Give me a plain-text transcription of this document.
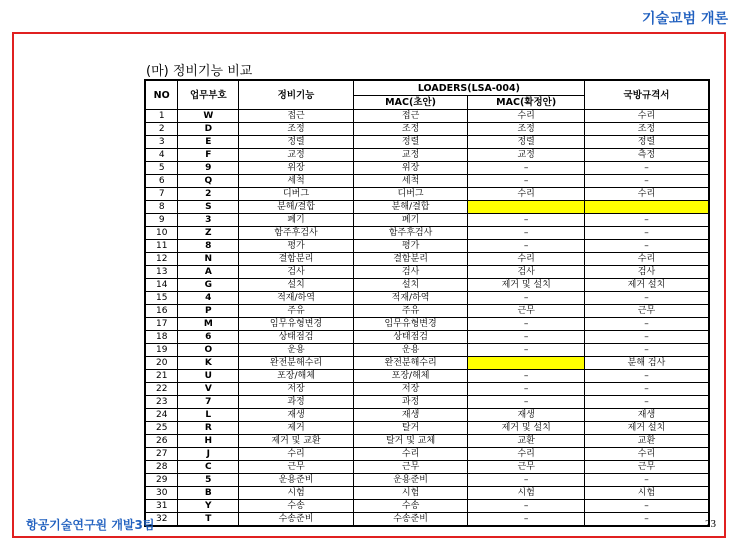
기술교범 개론
(마) 정비기능 비교
NO	업무부호	정비기능	LOADERS(LSA-004)		국방규격서
			MAC(초안)	MAC(확정안)	
1	W	접근	접근	수리	수리
2	D	조정	조정	조정	조정
3	E	정렬	정렬	정렬	정렬
4	F	교정	교정	교정	측정
5	9	위장	위장	–	–
6	Q	세척	세척	–	–
7	2	디버그	디버그	수리	수리
8	S	분해/결합	분해/결합		
9	3	폐기	폐기	–	–
10	Z	함주후검사	함주후검사	–	–
11	8	평가	평가	–	–
12	N	결함분리	결함분리	수리	수리
13	A	검사	검사	검사	검사
14	G	설치	설치	제거 및 설치	제거 설치
15	4	적재/하역	적재/하역	–	–
16	P	주유	주유	근무	근무
17	M	임무유형변경	임무유형변경	–	–
18	6	상태점검	상태점검	–	–
19	O	운용	운용	–	–
20	K	완전분해수리	완전분해수리		분해 검사
21	U	포장/해체	포장/해체	–	–
22	V	저장	저장	–	–
23	7	과정	과정	–	–
24	L	재생	재생	재생	재생
25	R	제거	탈거	제거 및 설치	제거 설치
26	H	제거 및 교환	탈거 및 교체	교환	교환
27	J	수리	수리	수리	수리
28	C	근무	근무	근무	근무
29	5	운용준비	운용준비	–	–
30	B	시험	시험	시험	시험
31	Y	수송	수송	–	–
32	T	수송준비	수송준비	–	–
항공기술연구원 개발3팀	23
